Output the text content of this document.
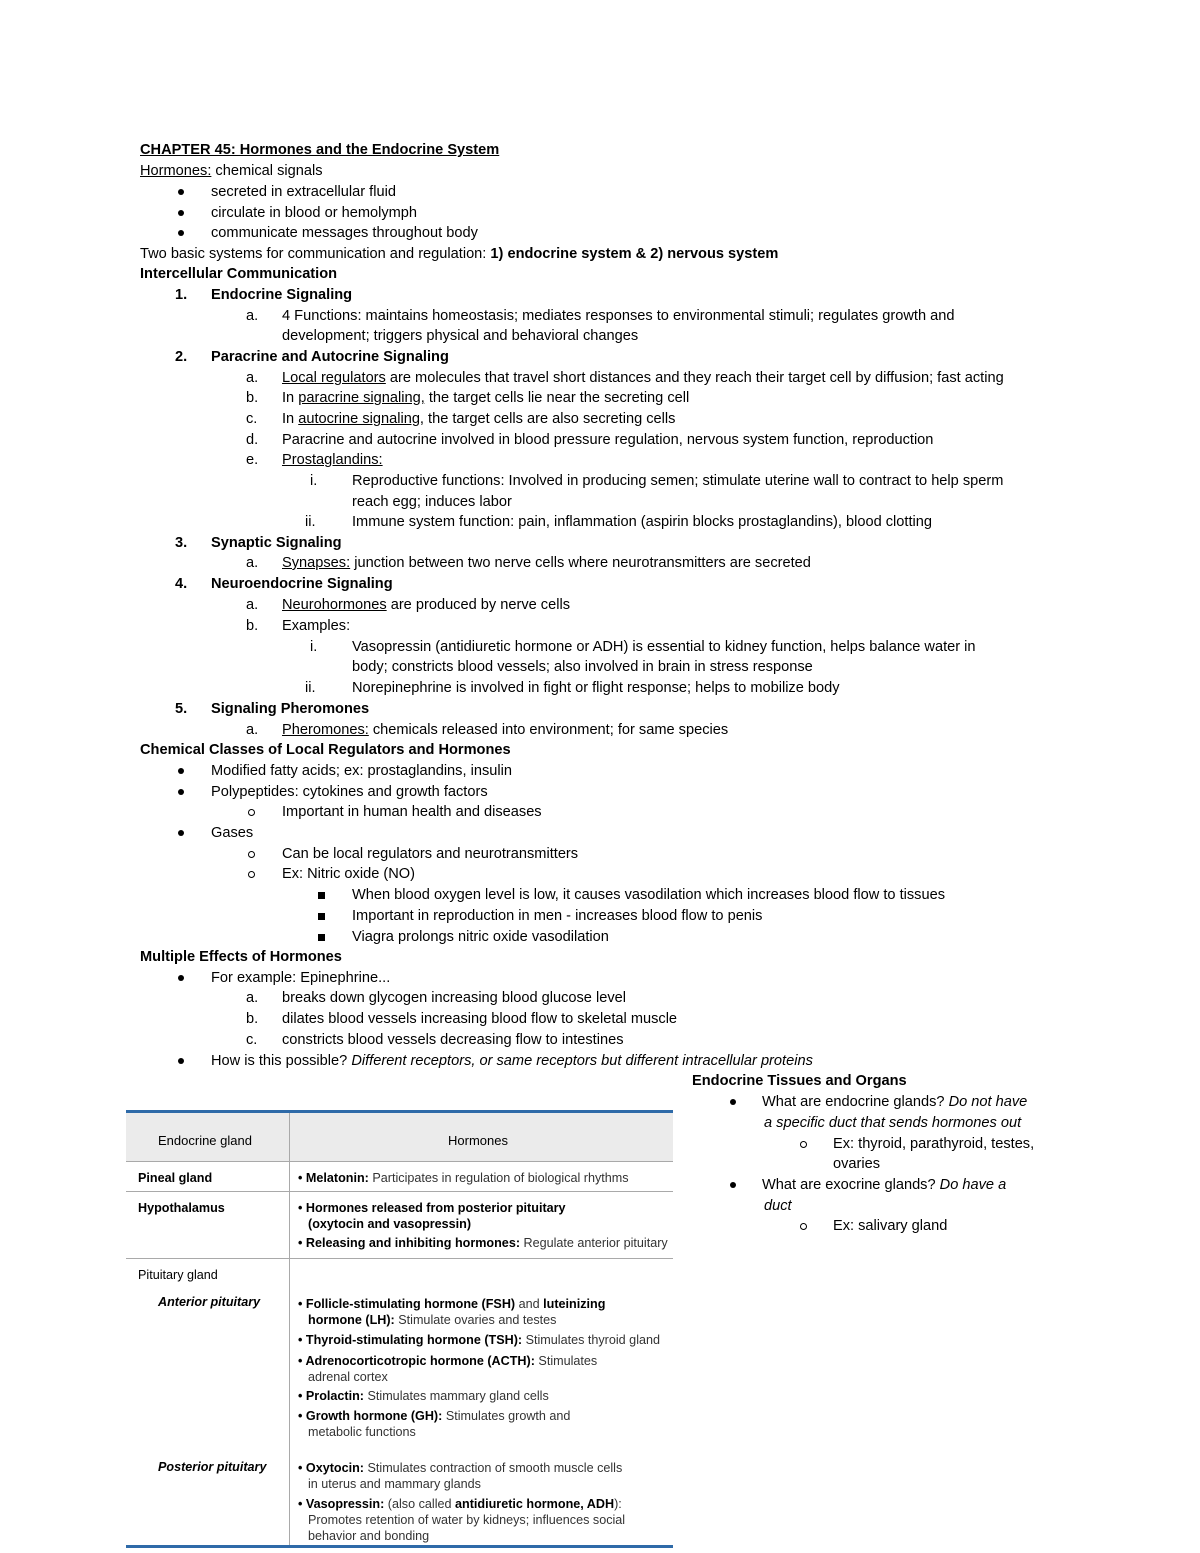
CHAPTER 45: Hormones and the Endocrine System
Hormones: chemical signals
secreted in extracellular fluid
circulate in blood or hemolymph
communicate messages throughout body
Two basic systems for communication and regulation: 1) endocrine system & 2) nervous system
Intercellular Communication
1. Endocrine Signaling
a. 4 Functions: maintains homeostasis; mediates responses to environmental stimuli; regulates growth and
development; triggers physical and behavioral changes
2. Paracrine and Autocrine Signaling
a. Local regulators are molecules that travel short distances and they reach their target cell by diffusion; fast acting
b. In paracrine signaling, the target cells lie near the secreting cell
c. In autocrine signaling, the target cells are also secreting cells
d. Paracrine and autocrine involved in blood pressure regulation, nervous system function, reproduction
e. Prostaglandins:
i. Reproductive functions: Involved in producing semen; stimulate uterine wall to contract to help sperm
reach egg; induces labor
ii. Immune system function: pain, inflammation (aspirin blocks prostaglandins), blood clotting
3. Synaptic Signaling
a. Synapses: junction between two nerve cells where neurotransmitters are secreted
4. Neuroendocrine Signaling
a. Neurohormones are produced by nerve cells
b. Examples:
i. Vasopressin (antidiuretic hormone or ADH) is essential to kidney function, helps balance water in
body; constricts blood vessels; also involved in brain in stress response
ii. Norepinephrine is involved in fight or flight response; helps to mobilize body
5. Signaling Pheromones
a. Pheromones: chemicals released into environment; for same species
Chemical Classes of Local Regulators and Hormones
Modified fatty acids; ex: prostaglandins, insulin
Polypeptides: cytokines and growth factors
Important in human health and diseases
Gases
Can be local regulators and neurotransmitters
Ex: Nitric oxide (NO)
When blood oxygen level is low, it causes vasodilation which increases blood flow to tissues
Important in reproduction in men - increases blood flow to penis
Viagra prolongs nitric oxide vasodilation
Multiple Effects of Hormones
For example: Epinephrine...
a. breaks down glycogen increasing blood glucose level
b. dilates blood vessels increasing blood flow to skeletal muscle
c. constricts blood vessels decreasing flow to intestines
How is this possible? Different receptors, or same receptors but different intracellular proteins
Endocrine Tissues and Organs
What are endocrine glands? Do not have
a specific duct that sends hormones out
Ex: thyroid, parathyroid, testes,
ovaries
What are exocrine glands? Do have a
duct
Ex: salivary gland
Endocrine gland	Hormones
Pineal gland	• Melatonin: Participates in regulation of biological rhythms
Hypothalamus	• Hormones released from posterior pituitary
(oxytocin and vasopressin)
• Releasing and inhibiting hormones: Regulate anterior pituitary
Pituitary gland
Anterior pituitary	• Follicle-stimulating hormone (FSH) and luteinizing
hormone (LH): Stimulate ovaries and testes
• Thyroid-stimulating hormone (TSH): Stimulates thyroid gland
• Adrenocorticotropic hormone (ACTH): Stimulates
adrenal cortex
• Prolactin: Stimulates mammary gland cells
• Growth hormone (GH): Stimulates growth and
metabolic functions
Posterior pituitary	• Oxytocin: Stimulates contraction of smooth muscle cells
in uterus and mammary glands
• Vasopressin: (also called antidiuretic hormone, ADH):
Promotes retention of water by kidneys; influences social
behavior and bonding
